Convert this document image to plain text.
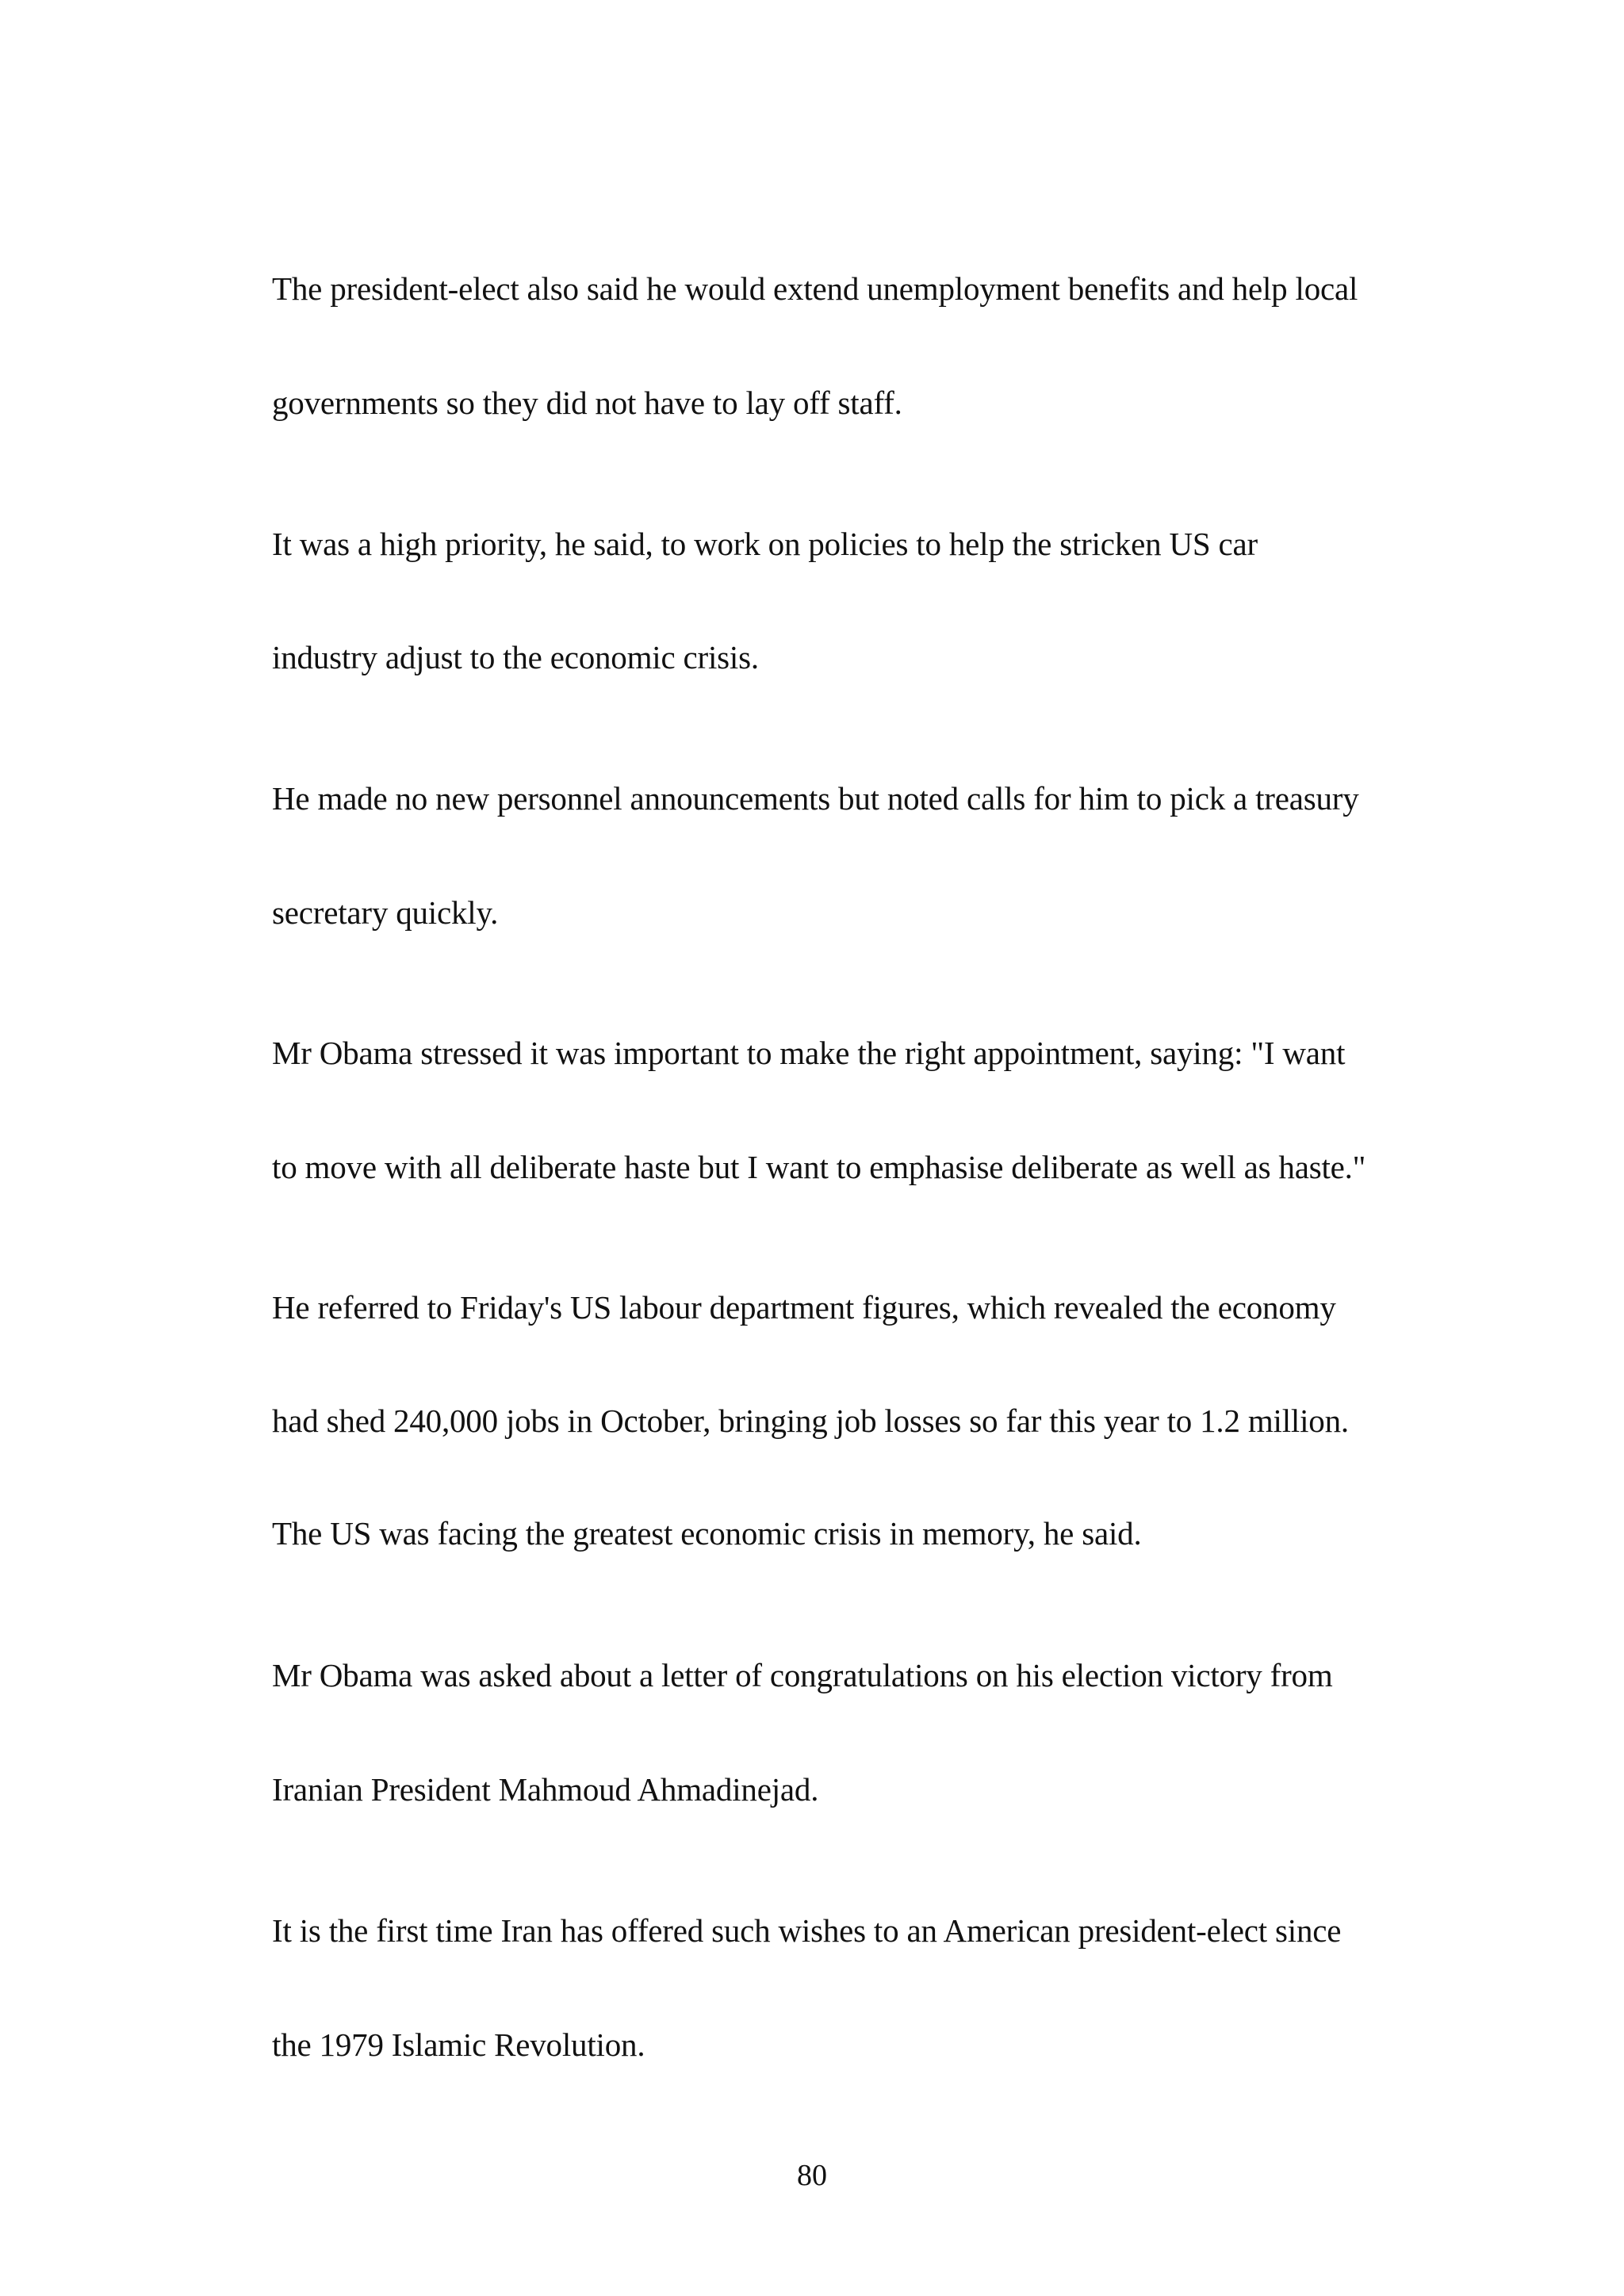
The president-elect also said he would extend unemployment benefits and help local
governments so they did not have to lay off staff.
It was a high priority, he said, to work on policies to help the stricken US car
industry adjust to the economic crisis.
He made no new personnel announcements but noted calls for him to pick a treasury
secretary quickly.
Mr Obama stressed it was important to make the right appointment, saying: "I want
to move with all deliberate haste but I want to emphasise deliberate as well as haste."
He referred to Friday's US labour department figures, which revealed the economy
had shed 240,000 jobs in October, bringing job losses so far this year to 1.2 million.
The US was facing the greatest economic crisis in memory, he said.
Mr Obama was asked about a letter of congratulations on his election victory from
Iranian President Mahmoud Ahmadinejad.
It is the first time Iran has offered such wishes to an American president-elect since
the 1979 Islamic Revolution.
80
